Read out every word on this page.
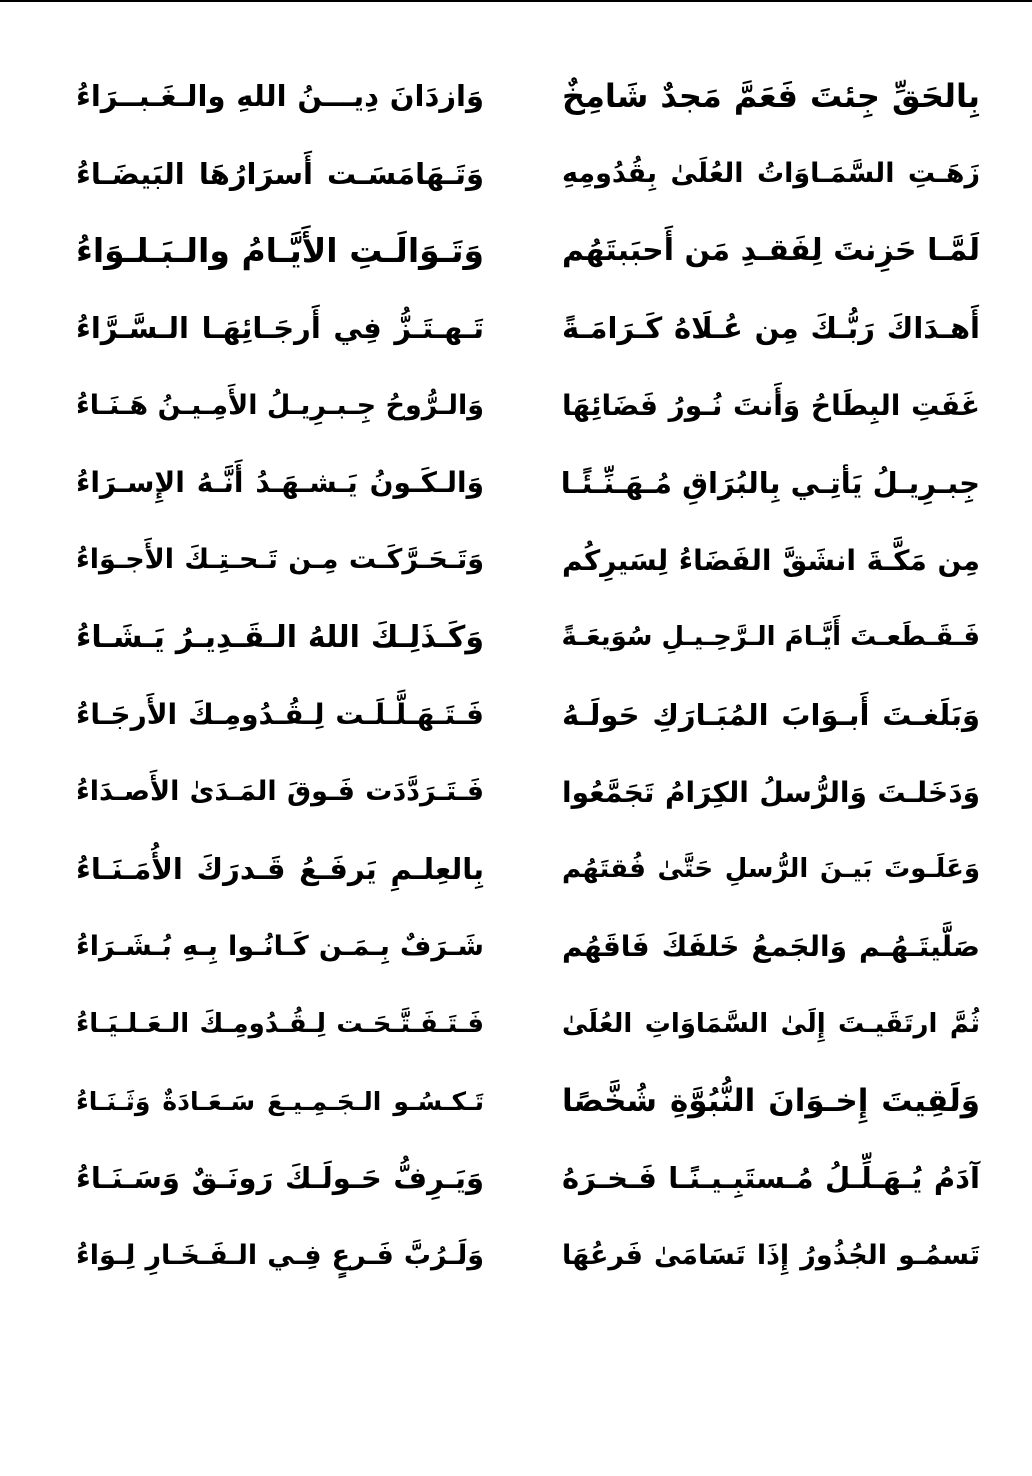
بِالحَقِّ جِئتَ فَعَمَّ مَجدٌ شَامِخٌ
وَازدَانَ دِيـــنُ اللهِ والـغَـبــرَاءُ
زَهَـتِ السَّمَـاوَاتُ العُلَىٰ بِقُدُومِهِ
وَتَـهَامَسَـت أَسرَارُهَا البَيضَـاءُ
لَمَّـا حَزِنتَ لِفَقـدِ مَن أَحبَبتَهُم
وَتَـوَالَـتِ الأَيَّـامُ والـبَـلـوَاءُ
أَهـدَاكَ رَبُّـكَ مِن عُـلَاهُ كَـرَامَـةً
تَـهـتَـزُّ فِي أَرجَـائِهَـا الـسَّـرَّاءُ
غَفَتِ البِطَاحُ وَأَنتَ نُـورُ فَضَائِهَا
وَالـرُّوحُ جِـبـرِيـلُ الأَمِـيـنُ هَـنَـاءُ
جِبـرِيـلُ يَأتِـي بِالبُرَاقِ مُـهَـنِّـئًـا
وَالـكَـونُ يَـشـهَـدُ أَنَّـهُ الإِسـرَاءُ
مِن مَكَّـةَ انشَقَّ الفَضَاءُ لِسَيرِكُم
وَتَـحَـرَّكَـت مِـن تَـحـتِـكَ الأَجـوَاءُ
فَـقَـطَعـتَ أَيَّـامَ الـرَّحِـيـلِ سُوَيعَـةً
وَكَـذَلِـكَ اللهُ الـقَـدِيـرُ يَـشَـاءُ
وَبَلَغـتَ أَبـوَابَ المُبَـارَكِ حَولَـهُ
فَـتَـهَـلَّـلَـت لِـقُـدُومِـكَ الأَرجَـاءُ
وَدَخَلـتَ وَالرُّسلُ الكِرَامُ تَجَمَّعُوا
فَـتَـرَدَّدَت فَـوقَ المَـدَىٰ الأَصـدَاءُ
وَعَلَـوتَ بَيـنَ الرُّسلِ حَتَّىٰ فُقتَهُم
بِالعِلـمِ يَرفَـعُ قَـدرَكَ الأُمَـنَـاءُ
صَلَّيتَـهُـم وَالجَمعُ خَلفَكَ فَاقَهُم
شَـرَفٌ بِـمَـن كَـانُـوا بِـهِ بُـشَـرَاءُ
ثُمَّ ارتَقَيـتَ إِلَىٰ السَّمَاوَاتِ العُلَىٰ
فَـتَـفَـتَّـحَـت لِـقُـدُومِـكَ الـعَـلـيَـاءُ
وَلَقِيتَ إِخـوَانَ النُّبُوَّةِ شُخَّصًا
تَـكـسُـو الـجَـمِـيـعَ سَـعَـادَةٌ وَثَـنَـاءُ
آدَمُ يُـهَـلِّـلُ مُـستَبِـيـنًـا فَـخـرَهُ
وَيَـرِفُّ حَـولَـكَ رَونَـقٌ وَسَـنَـاءُ
تَسمُـو الجُذُورُ إِذَا تَسَامَىٰ فَرعُهَا
وَلَـرُبَّ فَـرعٍ فِـي الـفَـخَـارِ لِـوَاءُ
